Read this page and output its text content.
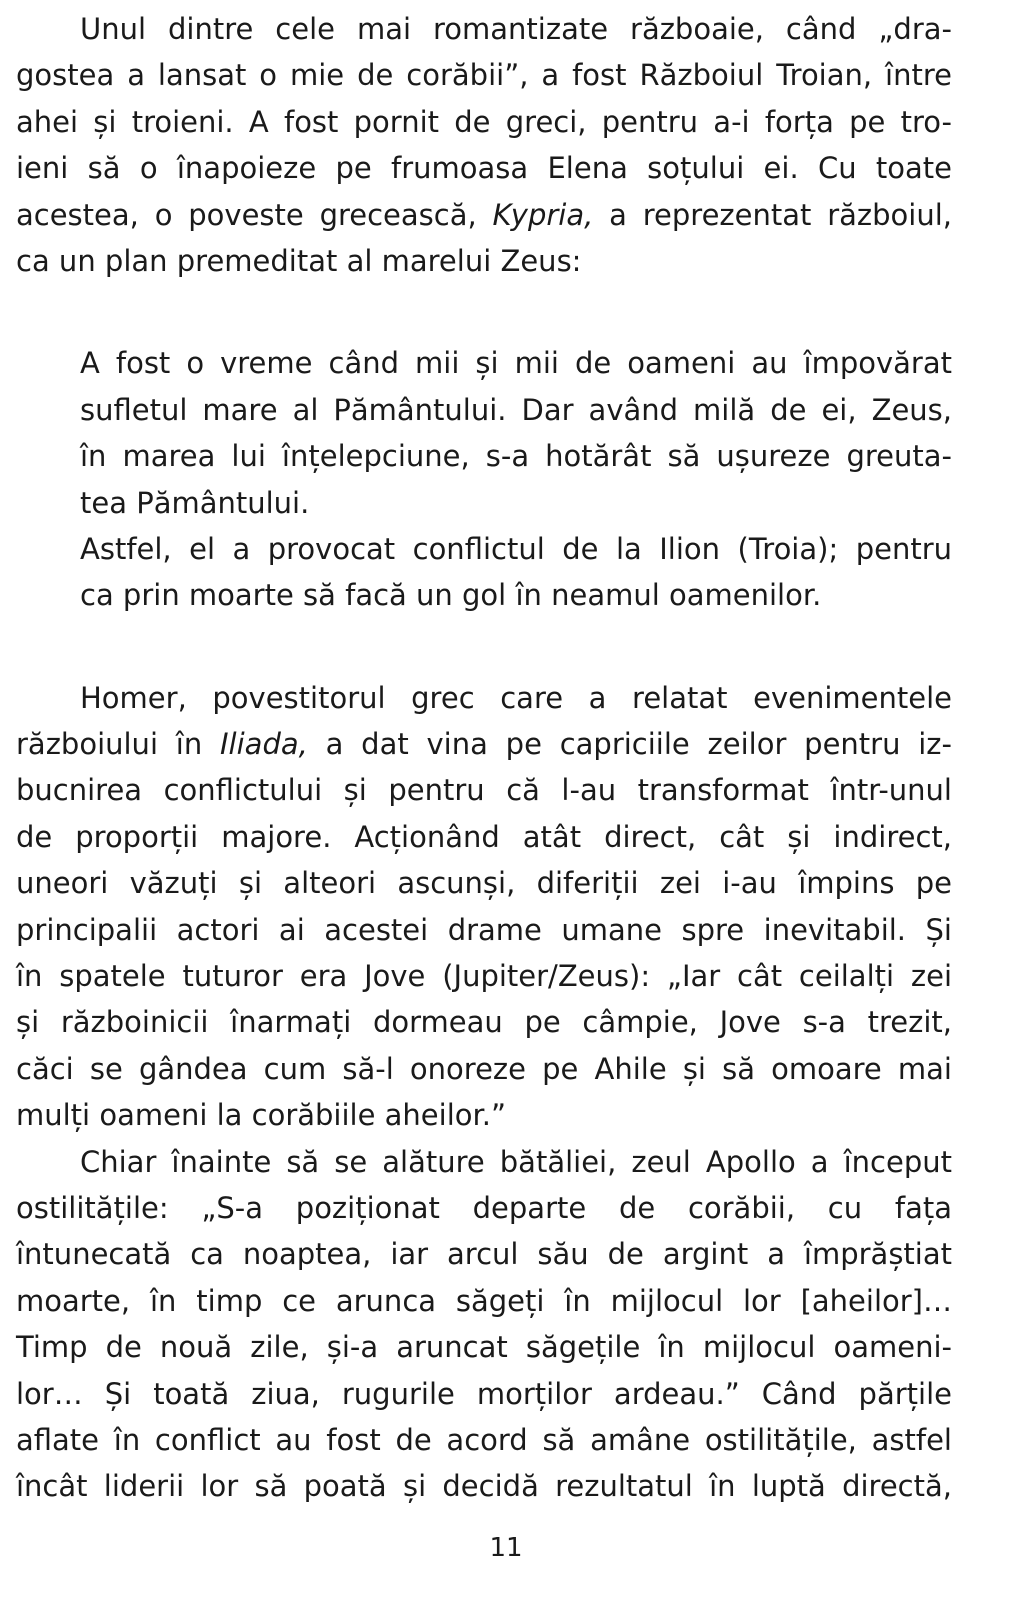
Unul dintre cele mai romantizate războaie, când „dra-
gostea a lansat o mie de corăbii”, a fost Războiul Troian, între
ahei și troieni. A fost pornit de greci, pentru a-i forța pe tro-
ieni să o înapoieze pe frumoasa Elena soțului ei. Cu toate
acestea, o poveste grecească, Kypria, a reprezentat războiul,
ca un plan premeditat al marelui Zeus:
A fost o vreme când mii și mii de oameni au împovărat
sufletul mare al Pământului. Dar având milă de ei, Zeus,
în marea lui înțelepciune, s-a hotărât să ușureze greuta-
tea Pământului.
Astfel, el a provocat conflictul de la Ilion (Troia); pentru
ca prin moarte să facă un gol în neamul oamenilor.
Homer, povestitorul grec care a relatat evenimentele
războiului în Iliada, a dat vina pe capriciile zeilor pentru iz-
bucnirea conflictului și pentru că l-au transformat într-unul
de proporții majore. Acționând atât direct, cât și indirect,
uneori văzuți și alteori ascunși, diferiții zei i-au împins pe
principalii actori ai acestei drame umane spre inevitabil. Și
în spatele tuturor era Jove (Jupiter/Zeus): „Iar cât ceilalți zei
și războinicii înarmați dormeau pe câmpie, Jove s-a trezit,
căci se gândea cum să-l onoreze pe Ahile și să omoare mai
mulți oameni la corăbiile aheilor.”
Chiar înainte să se alăture bătăliei, zeul Apollo a început
ostilitățile: „S-a poziționat departe de corăbii, cu fața
întunecată ca noaptea, iar arcul său de argint a împrăștiat
moarte, în timp ce arunca săgeți în mijlocul lor [aheilor]…
Timp de nouă zile, și-a aruncat săgețile în mijlocul oameni-
lor… Și toată ziua, rugurile morților ardeau.” Când părțile
aflate în conflict au fost de acord să amâne ostilitățile, astfel
încât liderii lor să poată și decidă rezultatul în luptă directă,
11
